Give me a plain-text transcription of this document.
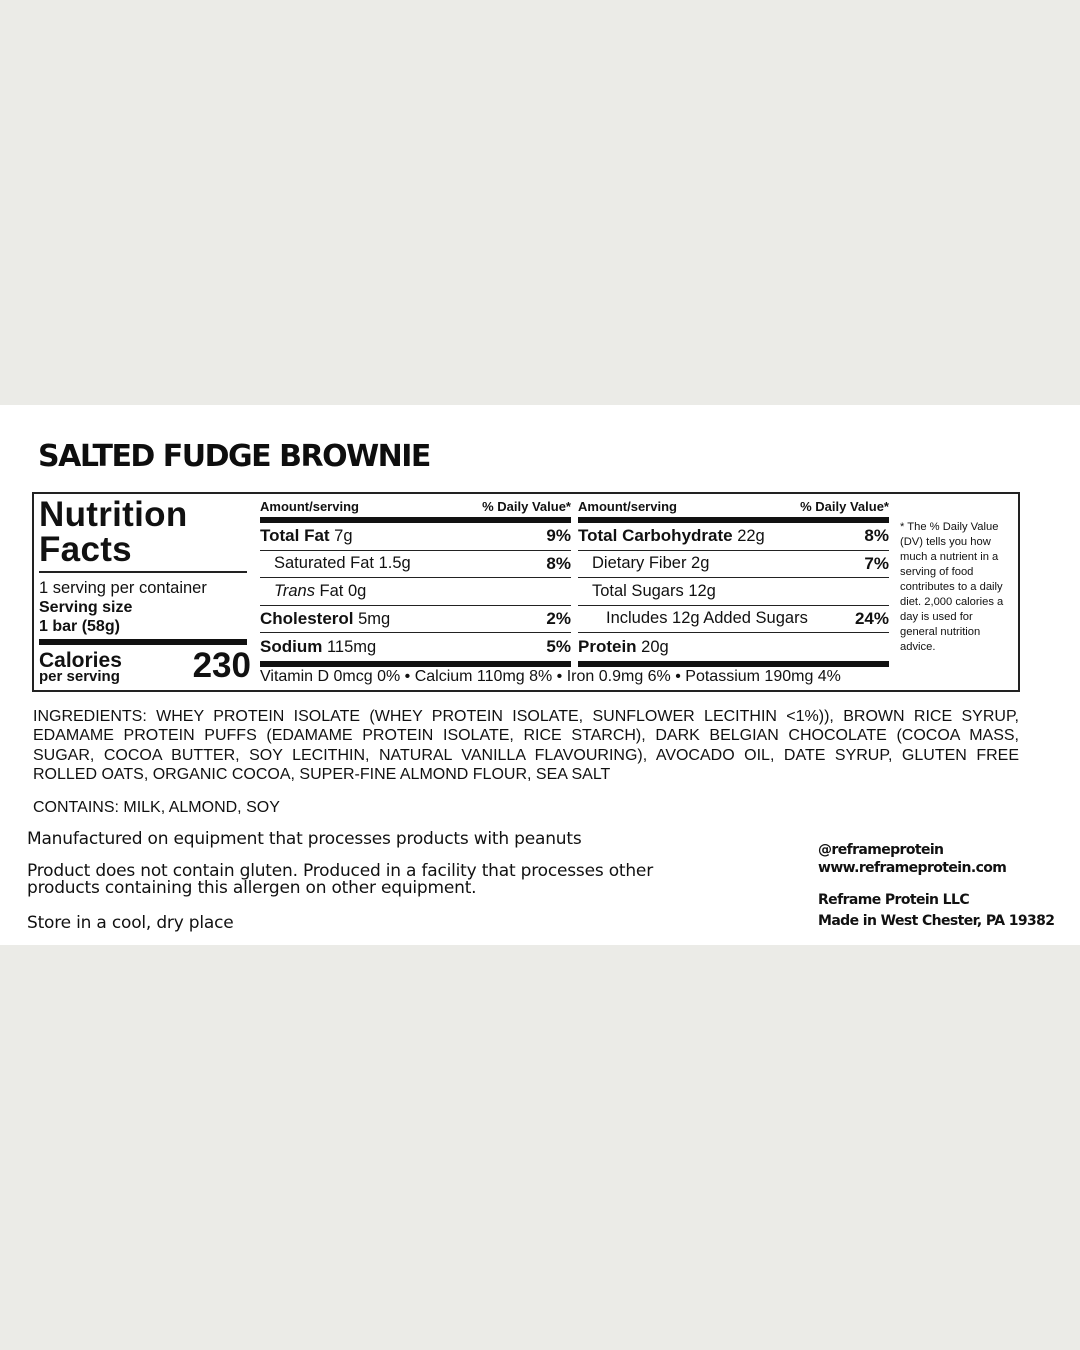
SALTED FUDGE BROWNIE
Nutrition
Facts
1 serving per container
Serving size
1 bar (58g)
Calories
per serving 230
Amount/serving	% Daily Value*
Total Fat 7g	9%
Saturated Fat 1.5g	8%
Trans Fat 0g
Cholesterol 5mg	2%
Sodium 115mg	5%
Amount/serving	% Daily Value*
Total Carbohydrate 22g	8%
Dietary Fiber 2g	7%
Total Sugars 12g
Includes 12g Added Sugars	24%
Protein 20g
Vitamin D 0mcg 0% • Calcium 110mg 8% • Iron 0.9mg 6% • Potassium 190mg 4%
* The % Daily Value (DV) tells you how much a nutrient in a serving of food contributes to a daily diet. 2,000 calories a day is used for general nutrition advice.
INGREDIENTS: WHEY PROTEIN ISOLATE (WHEY PROTEIN ISOLATE, SUNFLOWER LECITHIN <1%)), BROWN RICE SYRUP, EDAMAME PROTEIN PUFFS (EDAMAME PROTEIN ISOLATE, RICE STARCH), DARK BELGIAN CHOCOLATE (COCOA MASS, SUGAR, COCOA BUTTER, SOY LECITHIN, NATURAL VANILLA FLAVOURING), AVOCADO OIL, DATE SYRUP, GLUTEN FREE ROLLED OATS, ORGANIC COCOA, SUPER-FINE ALMOND FLOUR, SEA SALT
CONTAINS: MILK, ALMOND, SOY
Manufactured on equipment that processes products with peanuts
Product does not contain gluten. Produced in a facility that processes other products containing this allergen on other equipment.
Store in a cool, dry place
@reframeprotein
www.reframeprotein.com
Reframe Protein LLC
Made in West Chester, PA 19382
